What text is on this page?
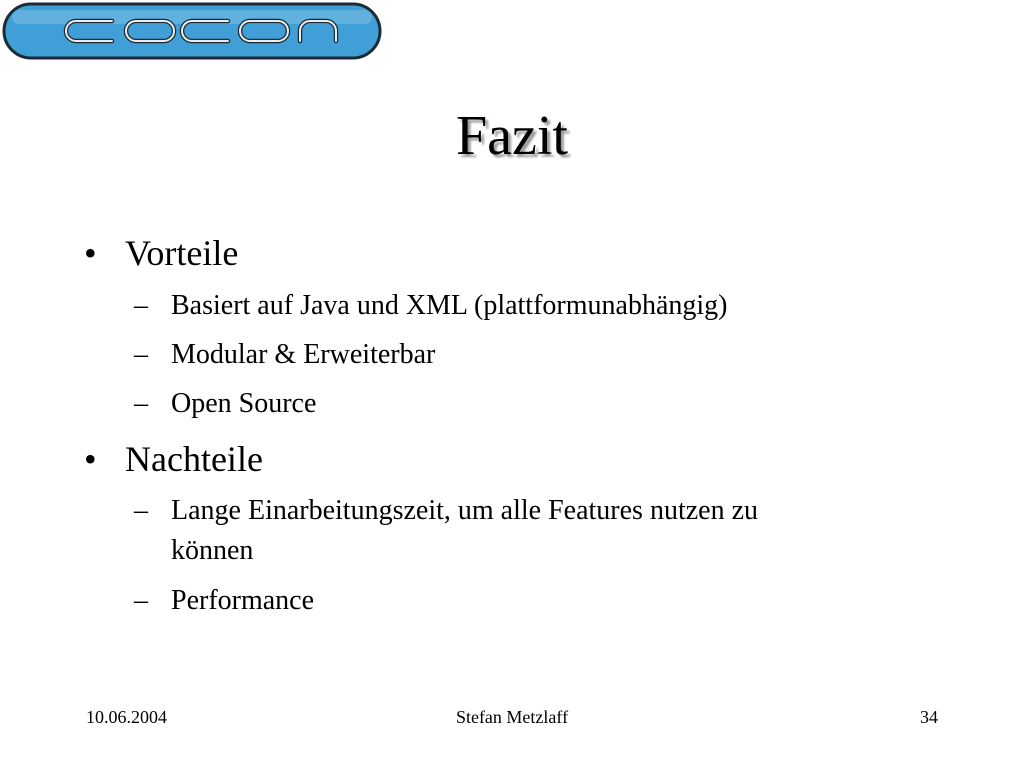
Fazit
• Vorteile
– Basiert auf Java und XML (plattformunabhängig)
– Modular & Erweiterbar
– Open Source
• Nachteile
– Lange Einarbeitungszeit, um alle Features nutzen zu
können
– Performance
10.06.2004	Stefan Metzlaff	34
